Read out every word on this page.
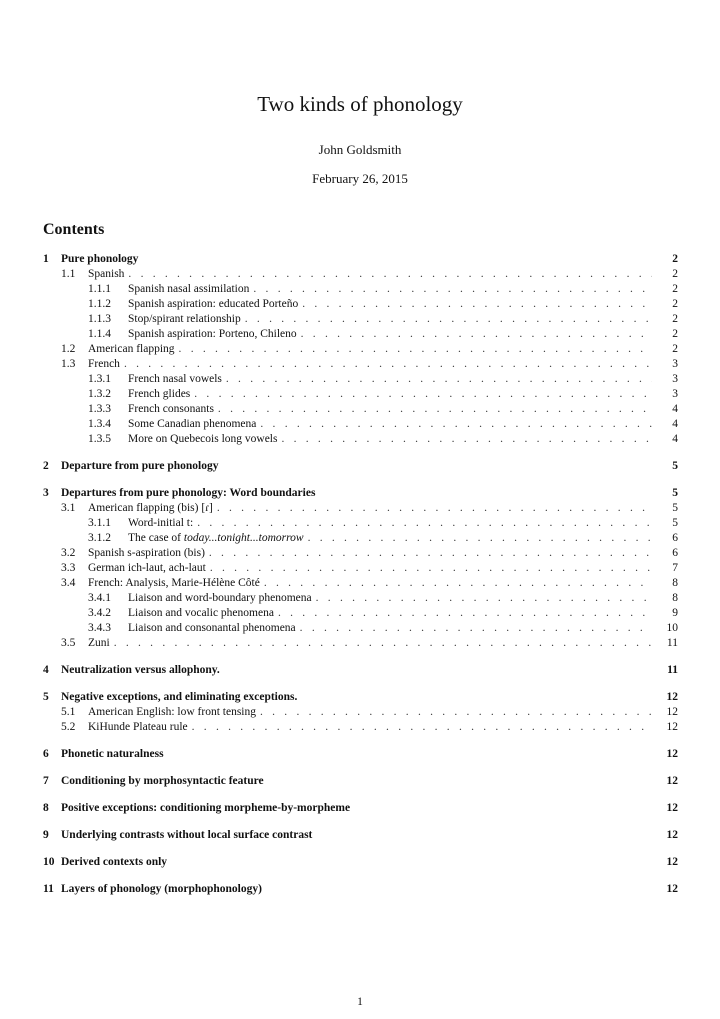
Two kinds of phonology
John Goldsmith
February 26, 2015
Contents
1	Pure phonology	2
1.1	Spanish . . .	2
1.1.1	Spanish nasal assimilation . . .	2
1.1.2	Spanish aspiration: educated Porteño . . .	2
1.1.3	Stop/spirant relationship . . .	2
1.1.4	Spanish aspiration: Porteno, Chileno . . .	2
1.2	American flapping . . .	2
1.3	French . . .	3
1.3.1	French nasal vowels . . .	3
1.3.2	French glides . . .	3
1.3.3	French consonants . . .	4
1.3.4	Some Canadian phenomena . . .	4
1.3.5	More on Quebecois long vowels . . .	4
2	Departure from pure phonology	5
3	Departures from pure phonology: Word boundaries	5
3.1	American flapping (bis) [ɾ] . . .	5
3.1.1	Word-initial t: . . .	5
3.1.2	The case of today...tonight...tomorrow . . .	6
3.2	Spanish s-aspiration (bis) . . .	6
3.3	German ich-laut, ach-laut . . .	7
3.4	French: Analysis, Marie-Hélène Côté . . .	8
3.4.1	Liaison and word-boundary phenomena . . .	8
3.4.2	Liaison and vocalic phenomena . . .	9
3.4.3	Liaison and consonantal phenomena . . .	10
3.5	Zuni . . .	11
4	Neutralization versus allophony.	11
5	Negative exceptions, and eliminating exceptions.	12
5.1	American English: low front tensing . . .	12
5.2	KiHunde Plateau rule . . .	12
6	Phonetic naturalness	12
7	Conditioning by morphosyntactic feature	12
8	Positive exceptions: conditioning morpheme-by-morpheme	12
9	Underlying contrasts without local surface contrast	12
10 Derived contexts only	12
11 Layers of phonology (morphophonology)	12
1
